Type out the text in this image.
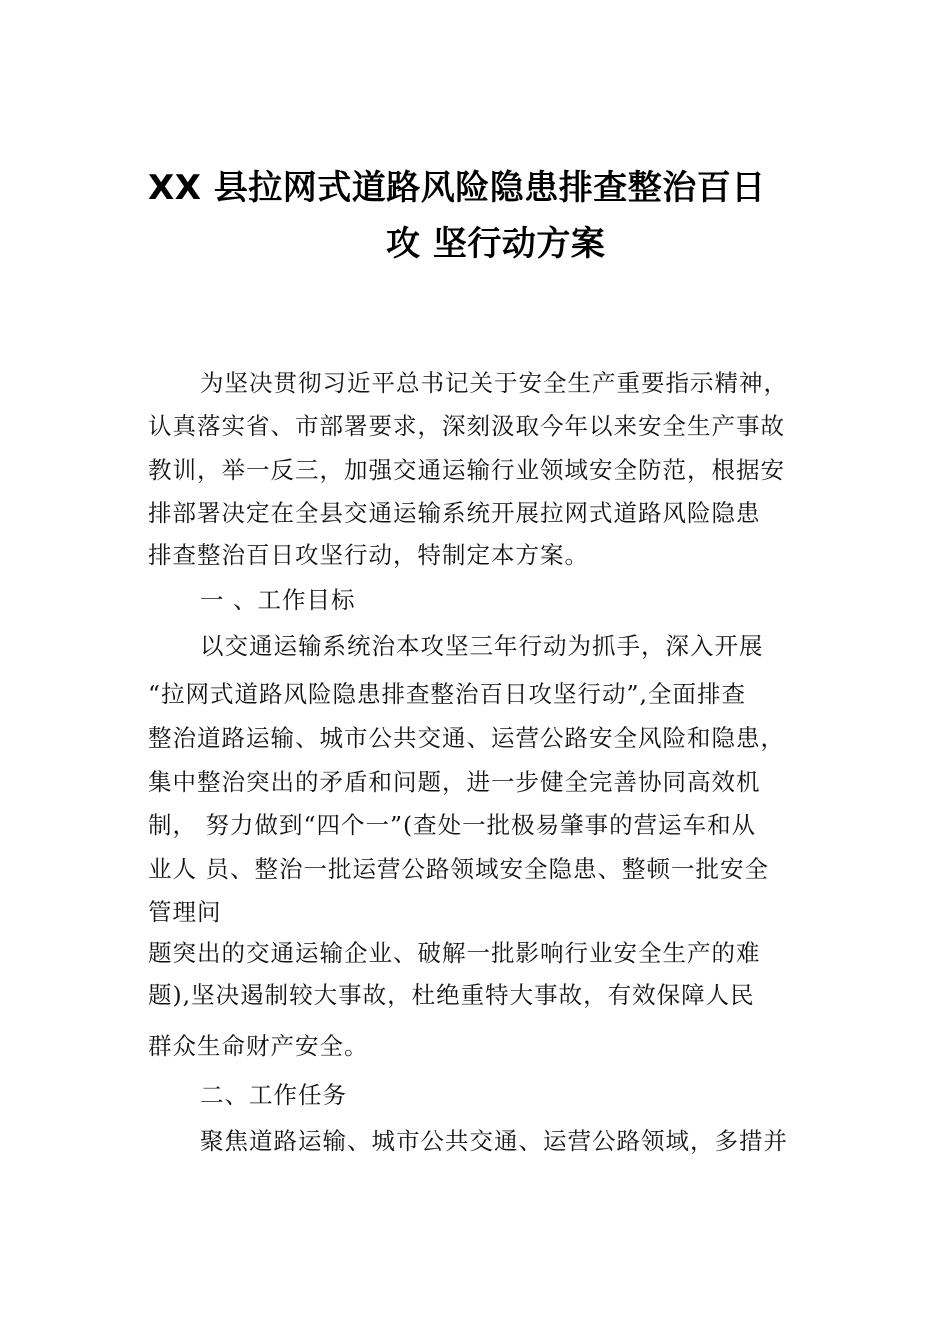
XX 县拉网式道路风险隐患排查整治百日
攻 坚行动方案
为坚决贯彻习近平总书记关于安全生产重要指示精神，
认真落实省、市部署要求，深刻汲取今年以来安全生产事故
教训，举一反三，加强交通运输行业领域安全防范，根据安
排部署决定在全县交通运输系统开展拉网式道路风险隐患
排查整治百日攻坚行动，特制定本方案。
一 、工作目标
以交通运输系统治本攻坚三年行动为抓手，深入开展
“拉网式道路风险隐患排查整治百日攻坚行动”,全面排查
整治道路运输、城市公共交通、运营公路安全风险和隐患，
集中整治突出的矛盾和问题，进一步健全完善协同高效机
制， 努力做到“四个一”(查处一批极易肇事的营运车和从
业人 员、整治一批运营公路领域安全隐患、整顿一批安全
管理问
题突出的交通运输企业、破解一批影响行业安全生产的难
题),坚决遏制较大事故，杜绝重特大事故，有效保障人民
群众生命财产安全。
二、工作任务
聚焦道路运输、城市公共交通、运营公路领域，多措并
